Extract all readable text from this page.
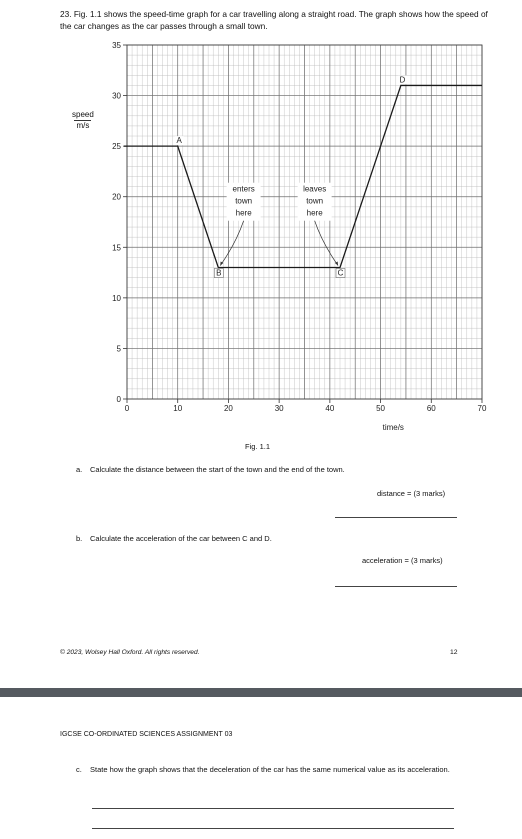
23. Fig. 1.1 shows the speed-time graph for a car travelling along a straight road. The graph shows how the speed of the car changes as the car passes through a small town.
speed
m/s
0	10	20	30	40	50	60	70
0
5
10
15
20
25
30
35
enters
town
here
leaves
town
here
A
B	C
D
time/s
Fig. 1.1
a. Calculate the distance between the start of the town and the end of the town.
distance = (3 marks)
b. Calculate the acceleration of the car between C and D.
acceleration = (3 marks)
© 2023, Wolsey Hall Oxford. All rights reserved.	12
IGCSE CO-ORDINATED SCIENCES ASSIGNMENT 03
c. State how the graph shows that the deceleration of the car has the same numerical value as its acceleration.
